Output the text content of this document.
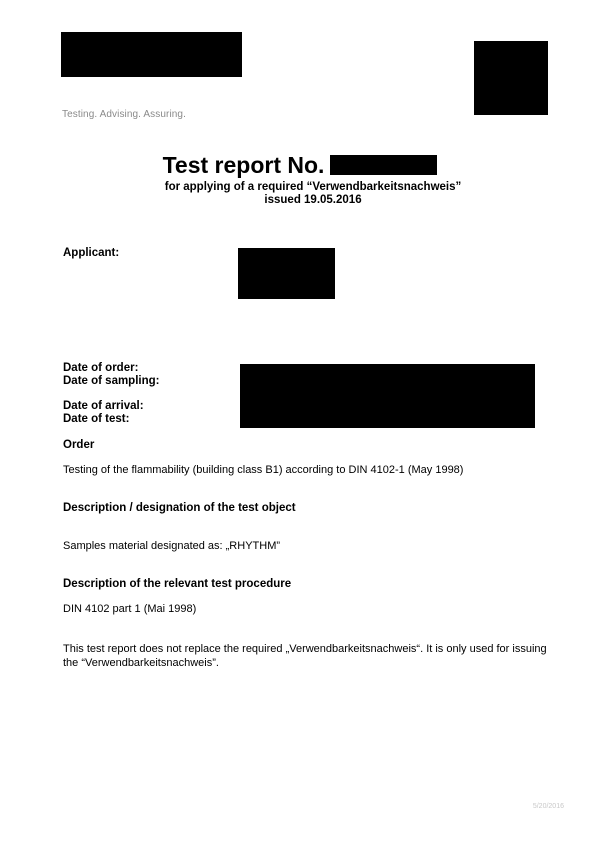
Testing. Advising. Assuring.
Test report No.
for applying of a required “Verwendbarkeitsnachweis”
issued 19.05.2016
Applicant:
Date of order:
Date of sampling:
Date of arrival:
Date of test:
Order
Testing of the flammability (building class B1) according to DIN 4102-1 (May 1998)
Description / designation of the test object
Samples material designated as: „RHYTHM”
Description of the relevant test procedure
DIN 4102 part 1 (Mai 1998)
This test report does not replace the required „Verwendbarkeitsnachweis“. It is only used for issuing
the “Verwendbarkeitsnachweis”.
5/20/2016
